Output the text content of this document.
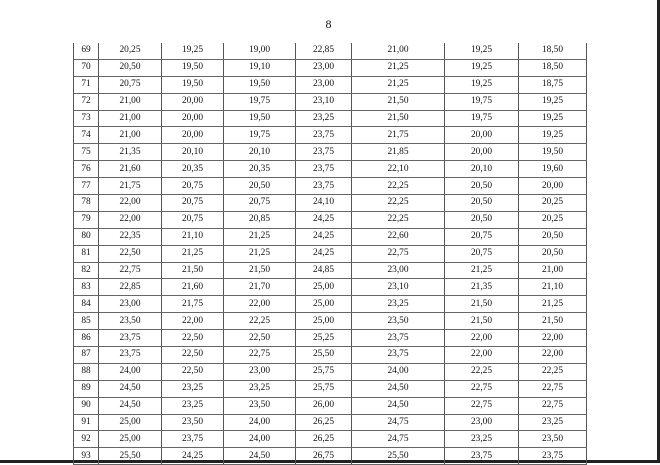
8
69	20,25	19,25	19,00	22,85	21,00	19,25	18,50
70	20,50	19,50	19,10	23,00	21,25	19,25	18,50
71	20,75	19,50	19,50	23,00	21,25	19,25	18,75
72	21,00	20,00	19,75	23,10	21,50	19,75	19,25
73	21,00	20,00	19,50	23,25	21,50	19,75	19,25
74	21,00	20,00	19,75	23,75	21,75	20,00	19,25
75	21,35	20,10	20,10	23,75	21,85	20,00	19,50
76	21,60	20,35	20,35	23,75	22,10	20,10	19,60
77	21,75	20,75	20,50	23,75	22,25	20,50	20,00
78	22,00	20,75	20,75	24,10	22,25	20,50	20,25
79	22,00	20,75	20,85	24,25	22,25	20,50	20,25
80	22,35	21,10	21,25	24,25	22,60	20,75	20,50
81	22,50	21,25	21,25	24,25	22,75	20,75	20,50
82	22,75	21,50	21,50	24,85	23,00	21,25	21,00
83	22,85	21,60	21,70	25,00	23,10	21,35	21,10
84	23,00	21,75	22,00	25,00	23,25	21,50	21,25
85	23,50	22,00	22,25	25,00	23,50	21,50	21,50
86	23,75	22,50	22,50	25,25	23,75	22,00	22,00
87	23,75	22,50	22,75	25,50	23,75	22,00	22,00
88	24,00	22,50	23,00	25,75	24,00	22,25	22,25
89	24,50	23,25	23,25	25,75	24,50	22,75	22,75
90	24,50	23,25	23,50	26,00	24,50	22,75	22,75
91	25,00	23,50	24,00	26,25	24,75	23,00	23,25
92	25,00	23,75	24,00	26,25	24,75	23,25	23,50
93	25,50	24,25	24,50	26,75	25,50	23,75	23,75
